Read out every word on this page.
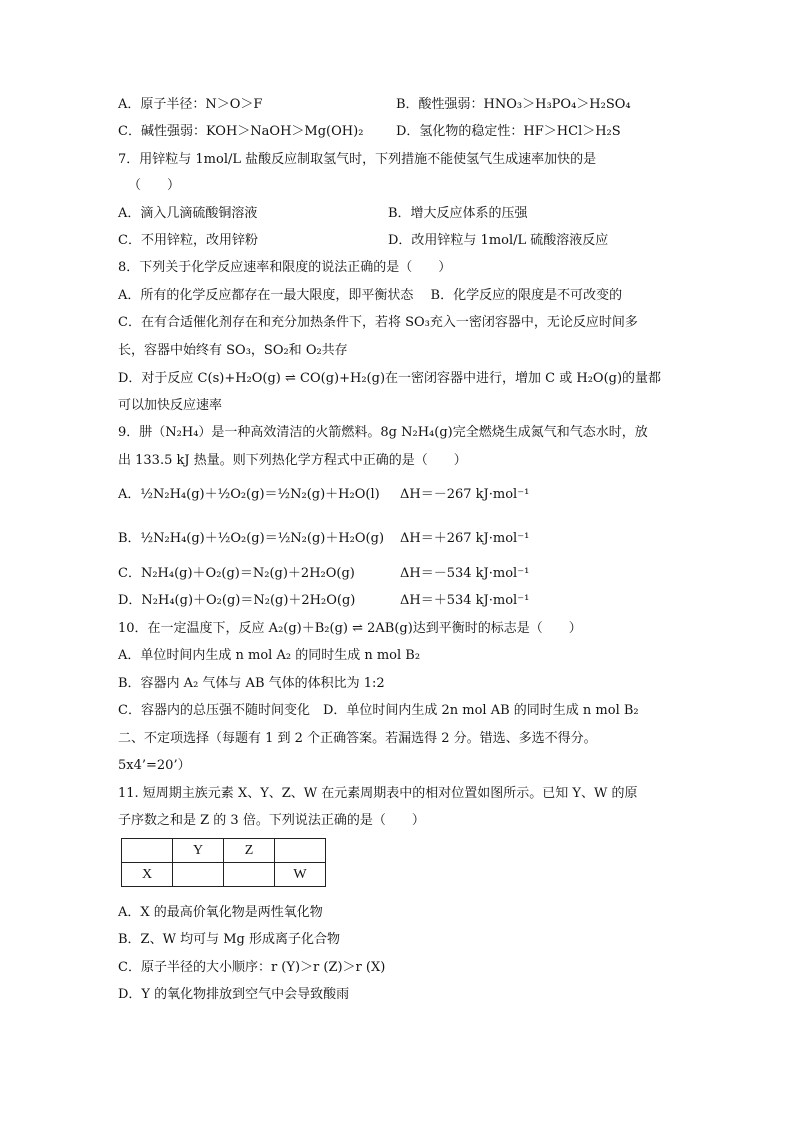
A．原子半径：N＞O＞F	B．酸性强弱：HNO₃＞H₃PO₄＞H₂SO₄
C．碱性强弱：KOH＞NaOH＞Mg(OH)₂	D．氢化物的稳定性：HF＞HCl＞H₂S
7．用锌粒与 1mol/L 盐酸反应制取氢气时，下列措施不能使氢气生成速率加快的是
（　　）
A．滴入几滴硫酸铜溶液	B．增大反应体系的压强
C．不用锌粒，改用锌粉	D．改用锌粒与 1mol/L 硫酸溶液反应
8．下列关于化学反应速率和限度的说法正确的是（　　）
A．所有的化学反应都存在一最大限度，即平衡状态　 B．化学反应的限度是不可改变的
C．在有合适催化剂存在和充分加热条件下，若将 SO₃充入一密闭容器中，无论反应时间多
长，容器中始终有 SO₃，SO₂和 O₂共存
D．对于反应 C(s)+H₂O(g) ⇌ CO(g)+H₂(g)在一密闭容器中进行，增加 C 或 H₂O(g)的量都
可以加快反应速率
9．肼（N₂H₄）是一种高效清洁的火箭燃料。8g N₂H₄(g)完全燃烧生成氮气和气态水时，放
出 133.5 kJ 热量。则下列热化学方程式中正确的是（　　）
A．½N₂H₄(g)＋½O₂(g)＝½N₂(g)＋H₂O(l) ΔH＝－267 kJ·mol⁻¹
B．½N₂H₄(g)＋½O₂(g)＝½N₂(g)＋H₂O(g) ΔH＝＋267 kJ·mol⁻¹
C．N₂H₄(g)＋O₂(g)＝N₂(g)＋2H₂O(g)	ΔH＝－534 kJ·mol⁻¹
D．N₂H₄(g)＋O₂(g)＝N₂(g)＋2H₂O(g)	ΔH＝＋534 kJ·mol⁻¹
10．在一定温度下，反应 A₂(g)＋B₂(g) ⇌ 2AB(g)达到平衡时的标志是（　　）
A．单位时间内生成 n mol A₂ 的同时生成 n mol B₂
B．容器内 A₂ 气体与 AB 气体的体积比为 1:2
C．容器内的总压强不随时间变化　D．单位时间内生成 2n mol AB 的同时生成 n mol B₂
二、不定项选择（每题有 1 到 2 个正确答案。若漏选得 2 分。错选、多选不得分。
5x4’=20’）
11. 短周期主族元素 X、Y、Z、W 在元素周期表中的相对位置如图所示。已知 Y、W 的原
子序数之和是 Z 的 3 倍。下列说法正确的是（　　）
	Y	Z	
X			W
A．X 的最高价氧化物是两性氧化物
B．Z、W 均可与 Mg 形成离子化合物
C．原子半径的大小顺序：r (Y)＞r (Z)＞r (X)
D．Y 的氧化物排放到空气中会导致酸雨
